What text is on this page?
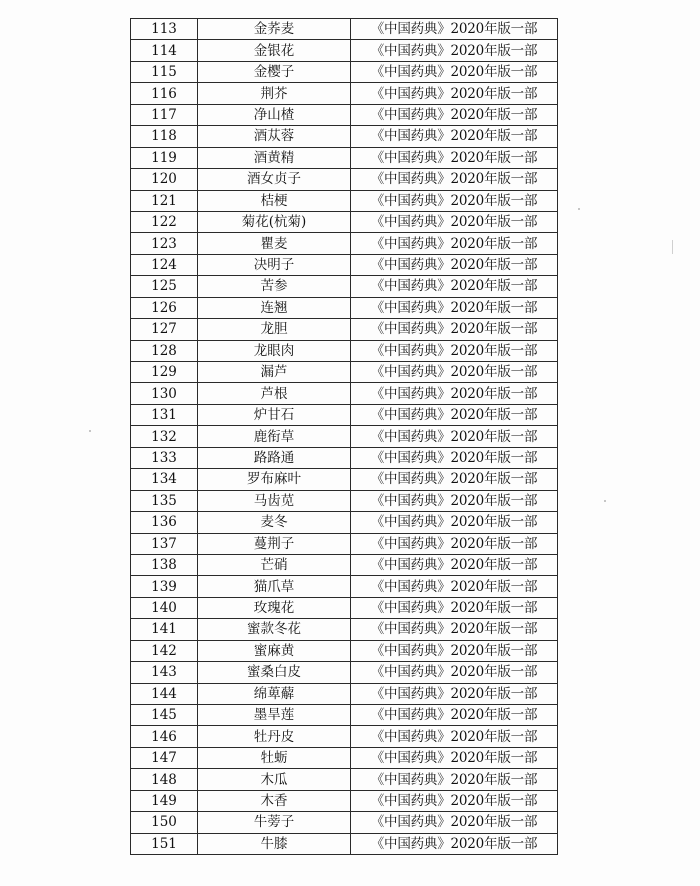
113	金荞麦	《中国药典》2020年版一部
114	金银花	《中国药典》2020年版一部
115	金樱子	《中国药典》2020年版一部
116	荆芥	《中国药典》2020年版一部
117	净山楂	《中国药典》2020年版一部
118	酒苁蓉	《中国药典》2020年版一部
119	酒黄精	《中国药典》2020年版一部
120	酒女贞子	《中国药典》2020年版一部
121	桔梗	《中国药典》2020年版一部
122	菊花(杭菊)	《中国药典》2020年版一部
123	瞿麦	《中国药典》2020年版一部
124	决明子	《中国药典》2020年版一部
125	苦参	《中国药典》2020年版一部
126	连翘	《中国药典》2020年版一部
127	龙胆	《中国药典》2020年版一部
128	龙眼肉	《中国药典》2020年版一部
129	漏芦	《中国药典》2020年版一部
130	芦根	《中国药典》2020年版一部
131	炉甘石	《中国药典》2020年版一部
132	鹿衔草	《中国药典》2020年版一部
133	路路通	《中国药典》2020年版一部
134	罗布麻叶	《中国药典》2020年版一部
135	马齿苋	《中国药典》2020年版一部
136	麦冬	《中国药典》2020年版一部
137	蔓荆子	《中国药典》2020年版一部
138	芒硝	《中国药典》2020年版一部
139	猫爪草	《中国药典》2020年版一部
140	玫瑰花	《中国药典》2020年版一部
141	蜜款冬花	《中国药典》2020年版一部
142	蜜麻黄	《中国药典》2020年版一部
143	蜜桑白皮	《中国药典》2020年版一部
144	绵萆薢	《中国药典》2020年版一部
145	墨旱莲	《中国药典》2020年版一部
146	牡丹皮	《中国药典》2020年版一部
147	牡蛎	《中国药典》2020年版一部
148	木瓜	《中国药典》2020年版一部
149	木香	《中国药典》2020年版一部
150	牛蒡子	《中国药典》2020年版一部
151	牛膝	《中国药典》2020年版一部
